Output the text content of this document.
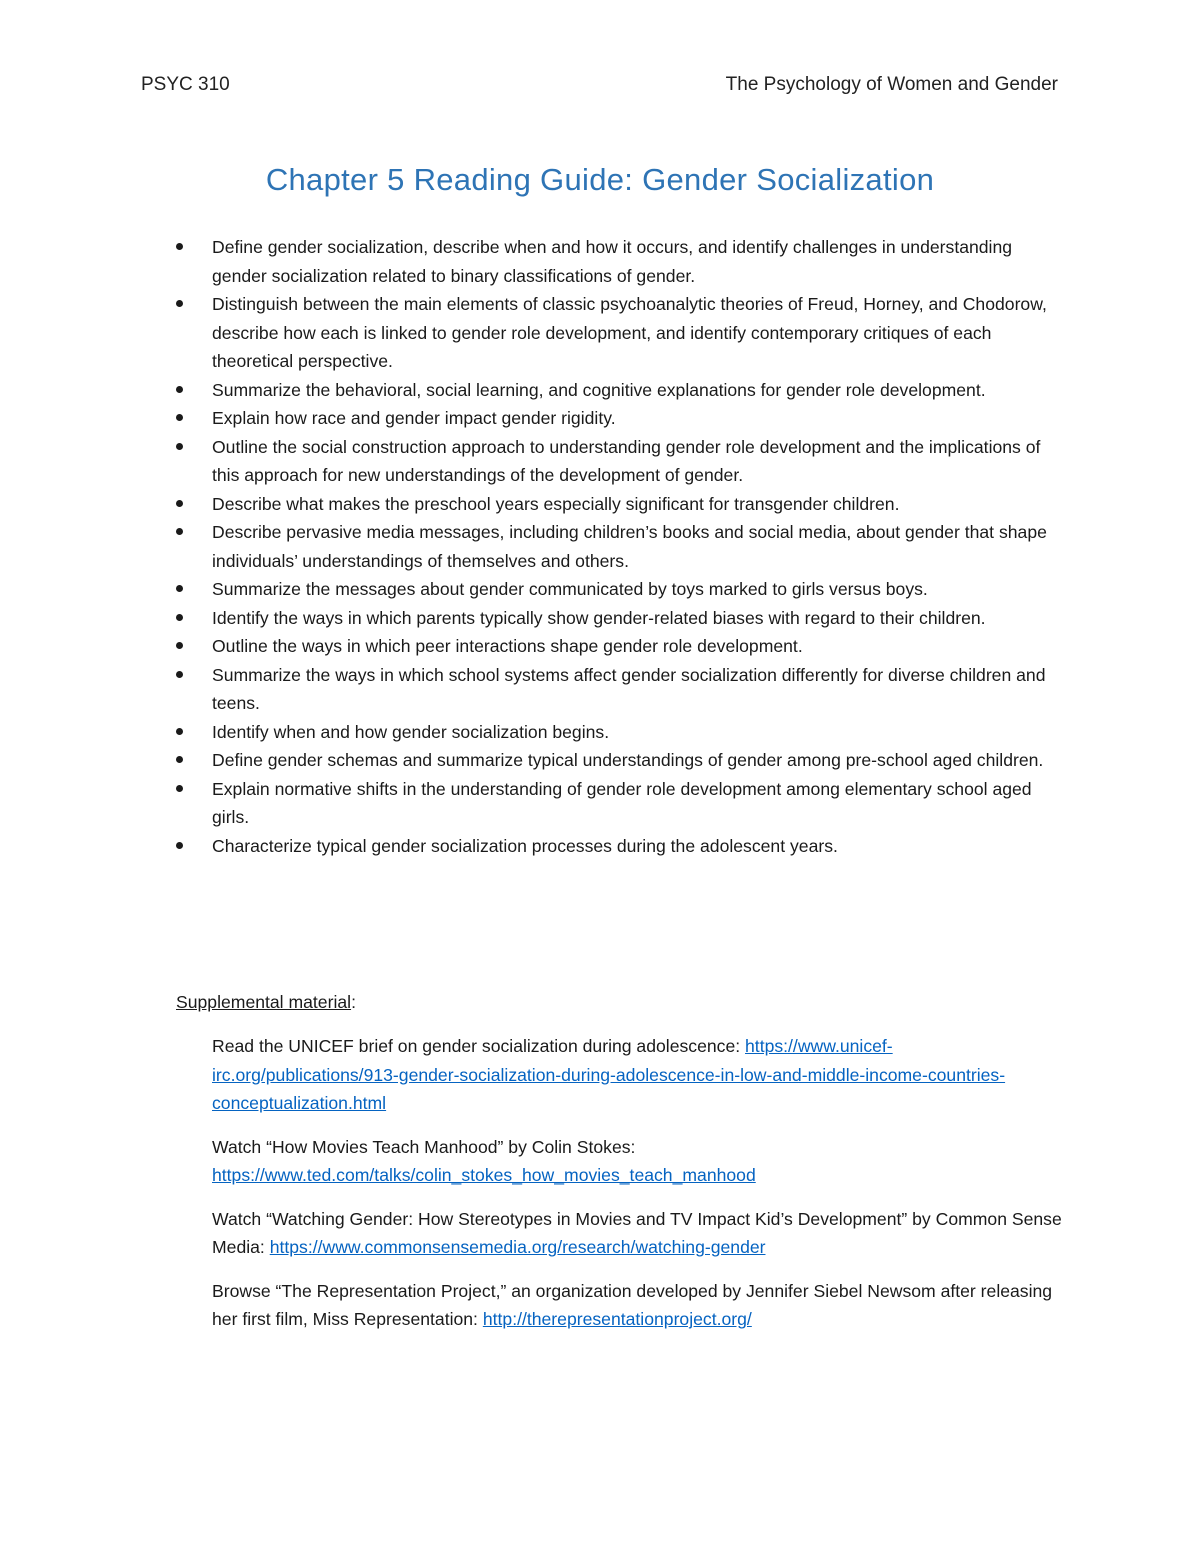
PSYC 310	The Psychology of Women and Gender
Chapter 5 Reading Guide: Gender Socialization
Define gender socialization, describe when and how it occurs, and identify challenges in understanding gender socialization related to binary classifications of gender.
Distinguish between the main elements of classic psychoanalytic theories of Freud, Horney, and Chodorow, describe how each is linked to gender role development, and identify contemporary critiques of each theoretical perspective.
Summarize the behavioral, social learning, and cognitive explanations for gender role development.
Explain how race and gender impact gender rigidity.
Outline the social construction approach to understanding gender role development and the implications of this approach for new understandings of the development of gender.
Describe what makes the preschool years especially significant for transgender children.
Describe pervasive media messages, including children’s books and social media, about gender that shape individuals’ understandings of themselves and others.
Summarize the messages about gender communicated by toys marked to girls versus boys.
Identify the ways in which parents typically show gender-related biases with regard to their children.
Outline the ways in which peer interactions shape gender role development.
Summarize the ways in which school systems affect gender socialization differently for diverse children and teens.
Identify when and how gender socialization begins.
Define gender schemas and summarize typical understandings of gender among pre-school aged children.
Explain normative shifts in the understanding of gender role development among elementary school aged girls.
Characterize typical gender socialization processes during the adolescent years.
Supplemental material:

Read the UNICEF brief on gender socialization during adolescence: https://www.unicef-irc.org/publications/913-gender-socialization-during-adolescence-in-low-and-middle-income-countries-conceptualization.html

Watch “How Movies Teach Manhood” by Colin Stokes: https://www.ted.com/talks/colin_stokes_how_movies_teach_manhood

Watch “Watching Gender: How Stereotypes in Movies and TV Impact Kid’s Development” by Common Sense Media: https://www.commonsensemedia.org/research/watching-gender

Browse “The Representation Project,” an organization developed by Jennifer Siebel Newsom after releasing her first film, Miss Representation: http://therepresentationproject.org/
